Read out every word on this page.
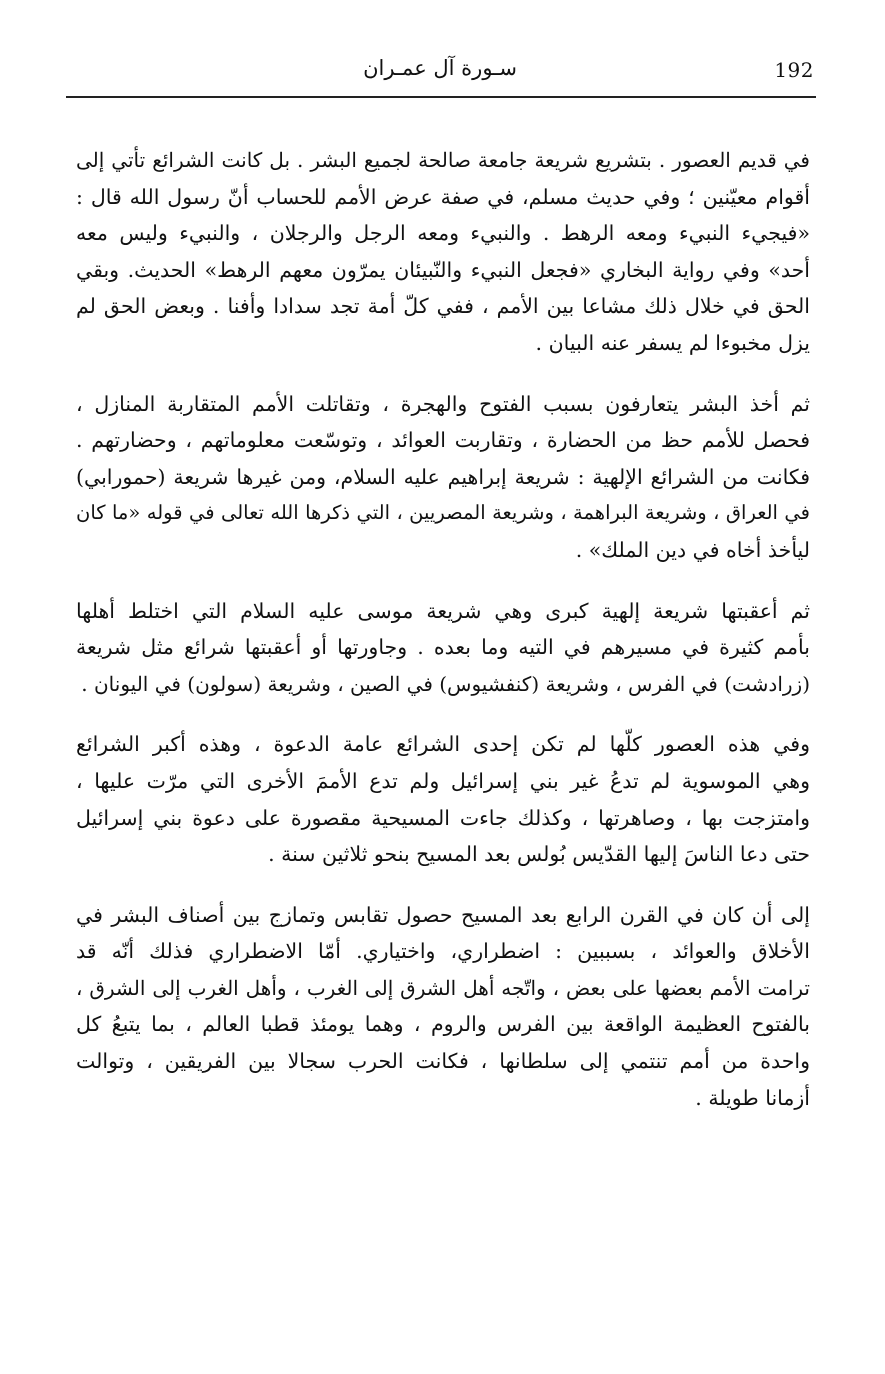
192
سـورة آل عمـران
في قديم العصور . بتشريع شريعة جامعة صالحة لجميع البشر . بل كانت الشرائع تأتي إلى
أقوام معيّنين ؛ وفي حديث مسلم، في صفة عرض الأمم للحساب أنّ رسول الله قال :
«فيجيء النبيء ومعه الرهط . والنبيء ومعه الرجل والرجلان ، والنبيء وليس معه
أحد» وفي رواية البخاري «فجعل النبيء والنّبيئان يمرّون معهم الرهط» الحديث. وبقي
الحق في خلال ذلك مشاعا بين الأمم ، ففي كلّ أمة تجد سدادا وأفنا . وبعض الحق لم
يزل مخبوءا لم يسفر عنه البيان .
ثم أخذ البشر يتعارفون بسبب الفتوح والهجرة ، وتقاتلت الأمم المتقاربة المنازل ،
فحصل للأمم حظ من الحضارة ، وتقاربت العوائد ، وتوسّعت معلوماتهم ، وحضارتهم .
فكانت من الشرائع الإلهية : شريعة إبراهيم عليه السلام، ومن غيرها شريعة (حمورابي)
في العراق ، وشريعة البراهمة ، وشريعة المصريين ، التي ذكرها الله تعالى في قوله «ما كان
ليأخذ أخاه في دين الملك» .
ثم أعقبتها شريعة إلهية كبرى وهي شريعة موسى عليه السلام التي اختلط أهلها
بأمم كثيرة في مسيرهم في التيه وما بعده . وجاورتها أو أعقبتها شرائع مثل شريعة
(زرادشت) في الفرس ، وشريعة (كنفشيوس) في الصين ، وشريعة (سولون) في اليونان .
وفي هذه العصور كلّها لم تكن إحدى الشرائع عامة الدعوة ، وهذه أكبر الشرائع
وهي الموسوية لم تدعُ غير بني إسرائيل ولم تدع الأممَ الأخرى التي مرّت عليها ،
وامتزجت بها ، وصاهرتها ، وكذلك جاءت المسيحية مقصورة على دعوة بني إسرائيل
حتى دعا الناسَ إليها القدّيس بُولس بعد المسيح بنحو ثلاثين سنة .
إلى أن كان في القرن الرابع بعد المسيح حصول تقابس وتمازج بين أصناف البشر في
الأخلاق والعوائد ، بسببين : اضطراري، واختياري. أمّا الاضطراري فذلك أنّه قد
ترامت الأمم بعضها على بعض ، واتّجه أهل الشرق إلى الغرب ، وأهل الغرب إلى الشرق ،
بالفتوح العظيمة الواقعة بين الفرس والروم ، وهما يومئذ قطبا العالم ، بما يتبعُ كل
واحدة من أمم تنتمي إلى سلطانها ، فكانت الحرب سجالا بين الفريقين ، وتوالت
أزمانا طويلة .
